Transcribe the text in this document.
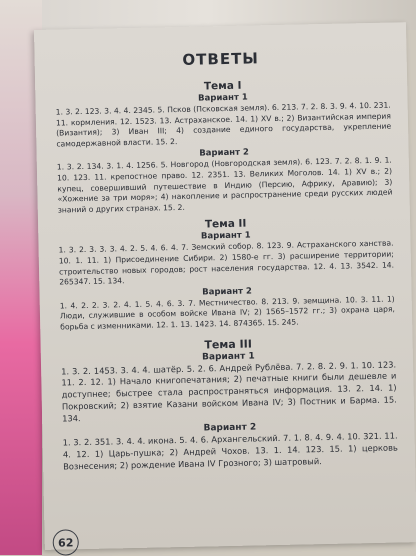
ОТВЕТЫ
Тема I
Вариант 1
1. 3. 2. 123. 3. 4. 4. 2345. 5. Псков (Псковская земля). 6. 213. 7. 2. 8. 3. 9. 4. 10. 231. 11. кормления. 12. 1523. 13. Астраханское. 14. 1) XV в.; 2) Византийская империя (Византия); 3) Иван III; 4) создание единого государства, укрепление самодержавной власти. 15. 2.
Вариант 2
1. 3. 2. 134. 3. 1. 4. 1256. 5. Новгород (Новгородская земля). 6. 123. 7. 2. 8. 1. 9. 1. 10. 123. 11. крепостное право. 12. 2351. 13. Великих Моголов. 14. 1) XV в.; 2) купец, совершивший путешествие в Индию (Персию, Африку, Аравию); 3) «Хожение за три моря»; 4) накопление и распространение среди русских людей знаний о других странах. 15. 2.
Тема II
Вариант 1
1. 3. 2. 3. 3. 3. 4. 2. 5. 4. 6. 4. 7. Земский собор. 8. 123. 9. Астраханского ханства. 10. 1. 11. 1) Присоединение Сибири. 2) 1580-е гг. 3) расширение территории; строительство новых городов; рост населения государства. 12. 4. 13. 3542. 14. 265347. 15. 134.
Вариант 2
1. 4. 2. 2. 3. 2. 4. 1. 5. 4. 6. 3. 7. Местничество. 8. 213. 9. земщина. 10. 3. 11. 1) Люди, служившие в особом войске Ивана IV; 2) 1565–1572 гг.; 3) охрана царя, борьба с изменниками. 12. 1. 13. 1423. 14. 874365. 15. 245.
Тема III
Вариант 1
1. 3. 2. 1453. 3. 4. 4. шатёр. 5. 2. 6. Андрей Рублёва. 7. 2. 8. 2. 9. 1. 10. 123. 11. 2. 12. 1) Начало книгопечатания; 2) печатные книги были дешевле и доступнее; быстрее стала распространяться информация. 13. 2. 14. 1) Покровский; 2) взятие Казани войском Ивана IV; 3) Постник и Барма. 15. 134.
Вариант 2
1. 3. 2. 351. 3. 4. 4. икона. 5. 4. 6. Архангельский. 7. 1. 8. 4. 9. 4. 10. 321. 11. 4. 12. 1) Царь-пушка; 2) Андрей Чохов. 13. 1. 14. 123. 15. 1) церковь Вознесения; 2) рождение Ивана IV Грозного; 3) шатровый.
62
